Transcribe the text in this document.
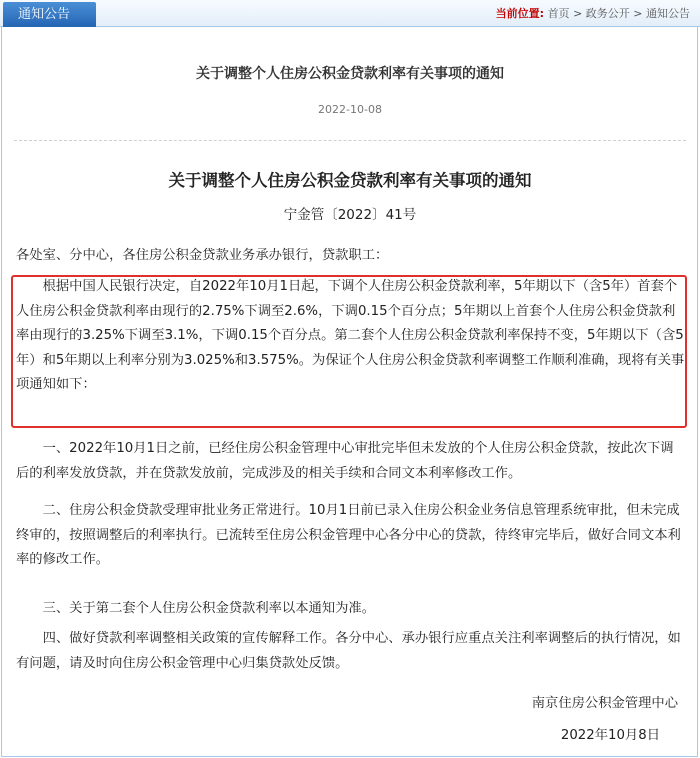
通知公告	当前位置: 首页 > 政务公开 > 通知公告
关于调整个人住房公积金贷款利率有关事项的通知
2022-10-08
关于调整个人住房公积金贷款利率有关事项的通知
宁金管〔2022〕41号

各处室、分中心，各住房公积金贷款业务承办银行，贷款职工：

根据中国人民银行决定，自2022年10月1日起，下调个人住房公积金贷款利率，5年期以下（含5年）首套个人住房公积金贷款利率由现行的2.75%下调至2.6%，下调0.15个百分点；5年期以上首套个人住房公积金贷款利率由现行的3.25%下调至3.1%，下调0.15个百分点。第二套个人住房公积金贷款利率保持不变，5年期以下（含5年）和5年期以上利率分别为3.025%和3.575%。为保证个人住房公积金贷款利率调整工作顺利准确，现将有关事项通知如下：

一、2022年10月1日之前，已经住房公积金管理中心审批完毕但未发放的个人住房公积金贷款，按此次下调后的利率发放贷款，并在贷款发放前，完成涉及的相关手续和合同文本利率修改工作。

二、住房公积金贷款受理审批业务正常进行。10月1日前已录入住房公积金业务信息管理系统审批，但未完成终审的，按照调整后的利率执行。已流转至住房公积金管理中心各分中心的贷款，待终审完毕后，做好合同文本利率的修改工作。

三、关于第二套个人住房公积金贷款利率以本通知为准。

四、做好贷款利率调整相关政策的宣传解释工作。各分中心、承办银行应重点关注利率调整后的执行情况，如有问题，请及时向住房公积金管理中心归集贷款处反馈。

南京住房公积金管理中心
2022年10月8日
